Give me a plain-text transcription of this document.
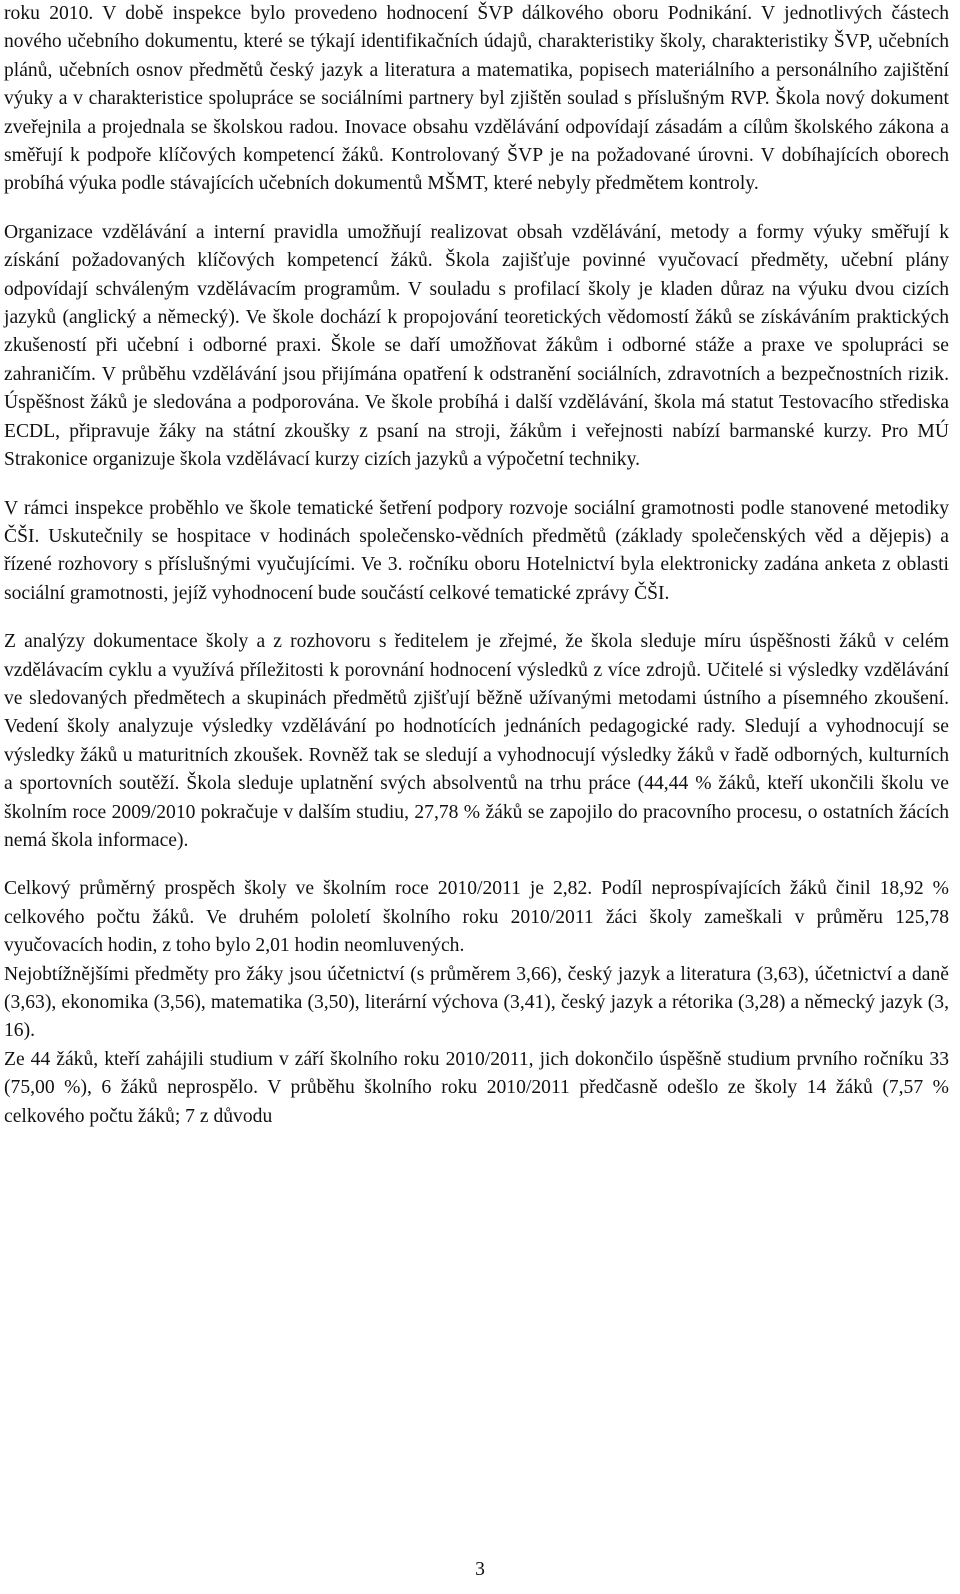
roku 2010. V době inspekce bylo provedeno hodnocení ŠVP dálkového oboru Podnikání. V jednotlivých částech nového učebního dokumentu, které se týkají identifikačních údajů, charakteristiky školy, charakteristiky ŠVP, učebních plánů, učebních osnov předmětů český jazyk a literatura a matematika, popisech materiálního a personálního zajištění výuky a v charakteristice spolupráce se sociálními partnery byl zjištěn soulad s příslušným RVP. Škola nový dokument zveřejnila a projednala se školskou radou. Inovace obsahu vzdělávání odpovídají zásadám a cílům školského zákona a směřují k podpoře klíčových kompetencí žáků. Kontrolovaný ŠVP je na požadované úrovni. V dobíhajících oborech probíhá výuka podle stávajících učebních dokumentů MŠMT, které nebyly předmětem kontroly.

Organizace vzdělávání a interní pravidla umožňují realizovat obsah vzdělávání, metody a formy výuky směřují k získání požadovaných klíčových kompetencí žáků. Škola zajišťuje povinné vyučovací předměty, učební plány odpovídají schváleným vzdělávacím programům. V souladu s profilací školy je kladen důraz na výuku dvou cizích jazyků (anglický a německý). Ve škole dochází k propojování teoretických vědomostí žáků se získáváním praktických zkušeností při učební i odborné praxi. Škole se daří umožňovat žákům i odborné stáže a praxe ve spolupráci se zahraničím. V průběhu vzdělávání jsou přijímána opatření k odstranění sociálních, zdravotních a bezpečnostních rizik. Úspěšnost žáků je sledována a podporována. Ve škole probíhá i další vzdělávání, škola má statut Testovacího střediska ECDL, připravuje žáky na státní zkoušky z psaní na stroji, žákům i veřejnosti nabízí barmanské kurzy. Pro MÚ Strakonice organizuje škola vzdělávací kurzy cizích jazyků a výpočetní techniky.

V rámci inspekce proběhlo ve škole tematické šetření podpory rozvoje sociální gramotnosti podle stanovené metodiky ČŠI. Uskutečnily se hospitace v hodinách společensko-vědních předmětů (základy společenských věd a dějepis) a řízené rozhovory s příslušnými vyučujícími. Ve 3. ročníku oboru Hotelnictví byla elektronicky zadána anketa z oblasti sociální gramotnosti, jejíž vyhodnocení bude součástí celkové tematické zprávy ČŠI.

Z analýzy dokumentace školy a z rozhovoru s ředitelem je zřejmé, že škola sleduje míru úspěšnosti žáků v celém vzdělávacím cyklu a využívá příležitosti k porovnání hodnocení výsledků z více zdrojů. Učitelé si výsledky vzdělávání ve sledovaných předmětech a skupinách předmětů zjišťují běžně užívanými metodami ústního a písemného zkoušení. Vedení školy analyzuje výsledky vzdělávání po hodnotících jednáních pedagogické rady. Sledují a vyhodnocují se výsledky žáků u maturitních zkoušek. Rovněž tak se sledují a vyhodnocují výsledky žáků v řadě odborných, kulturních a sportovních soutěží. Škola sleduje uplatnění svých absolventů na trhu práce (44,44 % žáků, kteří ukončili školu ve školním roce 2009/2010 pokračuje v dalším studiu, 27,78 % žáků se zapojilo do pracovního procesu, o ostatních žácích nemá škola informace).

Celkový průměrný prospěch školy ve školním roce 2010/2011 je 2,82. Podíl neprospívajících žáků činil 18,92 % celkového počtu žáků. Ve druhém pololetí školního roku 2010/2011 žáci školy zameškali v průměru 125,78 vyučovacích hodin, z toho bylo 2,01 hodin neomluvených.

Nejobtížnějšími předměty pro žáky jsou účetnictví (s průměrem 3,66), český jazyk a literatura (3,63), účetnictví a daně (3,63), ekonomika (3,56), matematika (3,50), literární výchova (3,41), český jazyk a rétorika (3,28) a německý jazyk (3, 16).

Ze 44 žáků, kteří zahájili studium v září školního roku 2010/2011, jich dokončilo úspěšně studium prvního ročníku 33 (75,00 %), 6 žáků neprospělo. V průběhu školního roku 2010/2011 předčasně odešlo ze školy 14 žáků (7,57 % celkového počtu žáků; 7 z důvodu

3
